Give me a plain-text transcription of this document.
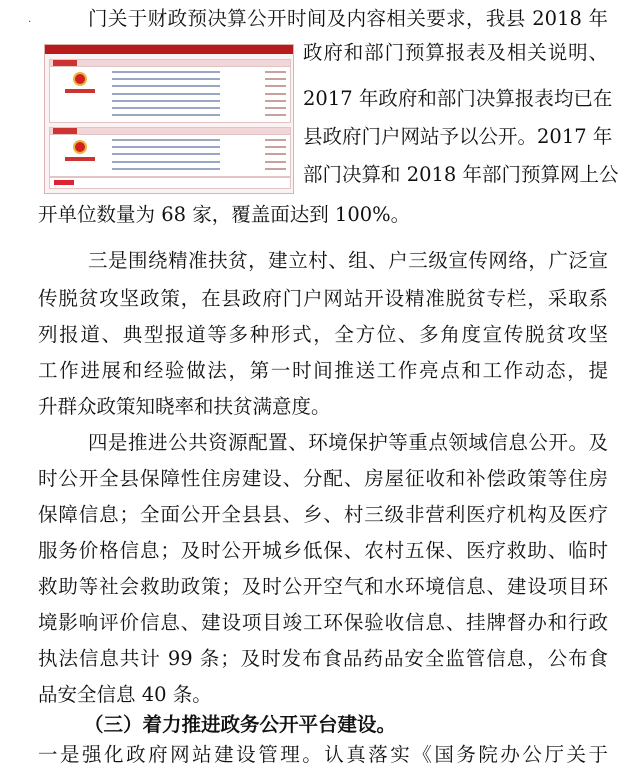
.	门关于财政预决算公开时间及内容相关要求，我县 2018 年
政府和部门预算报表及相关说明、
2017 年政府和部门决算报表均已在
县政府门户网站予以公开。2017 年
部门决算和 2018 年部门预算网上公
开单位数量为 68 家，覆盖面达到 100%。
三是围绕精准扶贫，建立村、组、户三级宣传网络，广泛宣
传脱贫攻坚政策，在县政府门户网站开设精准脱贫专栏，采取系
列报道、典型报道等多种形式，全方位、多角度宣传脱贫攻坚
工作进展和经验做法，第一时间推送工作亮点和工作动态，提
升群众政策知晓率和扶贫满意度。
四是推进公共资源配置、环境保护等重点领域信息公开。及
时公开全县保障性住房建设、分配、房屋征收和补偿政策等住房
保障信息；全面公开全县县、乡、村三级非营利医疗机构及医疗
服务价格信息；及时公开城乡低保、农村五保、医疗救助、临时
救助等社会救助政策；及时公开空气和水环境信息、建设项目环
境影响评价信息、建设项目竣工环保验收信息、挂牌督办和行政
执法信息共计 99 条；及时发布食品药品安全监管信息，公布食
品安全信息 40 条。
（三）着力推进政务公开平台建设。
一是强化政府网站建设管理。认真落实《国务院办公厅关于
